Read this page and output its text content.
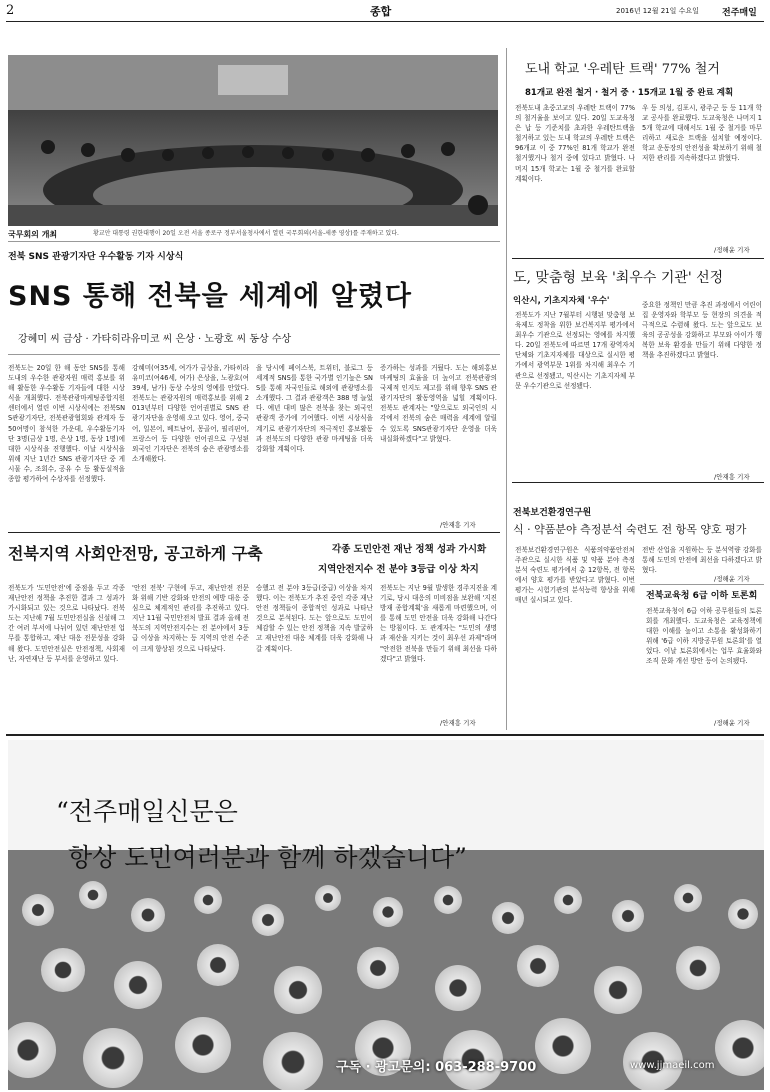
2	종합	2016년 12월 21일 수요일	전주매일
국무회의 개최	황교안 대통령 권한대행이 20일 오전 서울 종로구 정부서울청사에서 열린 국무회의(서울-세종 영상)를 주재하고 있다.
전북 SNS 관광기자단 우수활동 기자 시상식
SNS 통해 전북을 세계에 알렸다
강혜미 씨 금상 · 가타히라유미코 씨 은상 · 노광호 씨 동상 수상
전북도는 20일 한 해 동안 SNS를 통해 도내의 우수한 관광자원 매력 홍보를 위해 활동한 우수활동 기자들에 대한 시상식을 개최했다. 전북관광마케팅종합지원센터에서 열린 이번 시상식에는 전북SNS관광기자단, 전북관광협회와 관계자 등 50여명이 참석한 가운데, 우수활동기자단 3명(금상 1명, 은상 1명, 동상 1명)에 대한 시상식을 진행했다. 이날 시상식을 위해 지난 1년간 SNS 관광기자단 중 게시물 수, 조회수, 공유 수 등 활동실적을 종합 평가하여 수상자를 선정했다.
강혜미(여35세, 여가가 금상을, 가타히라유미코(여46세, 여가) 은상을, 노광호(여39세, 남가) 동상 수상의 영예를 안았다. 전북도는 관광자원의 매력홍보를 위해 2013년부터 다양한 언어권별로 SNS 관광기자단을 운영해 오고 있다. 영어, 중국어, 일본어, 베트남어, 몽골어, 필리핀어, 프랑스어 등 다양한 언어권으로 구성된 외국인 기자단은 전북의 숨은 관광명소를 소개해왔다.
을 당시에 페이스북, 트위터, 블로그 등 세계적 SNS를 통한 국가별 인기높은 SNS를 통해 자국인들로 해외에 관광명소를 소개했다. 그 결과 관광객은 388 명 늘었다. 예년 대비 많은 전북을 찾는 외국인 관광객 증가에 기여했다. 이번 시상식을 계기로 관광기자단의 적극적인 홍보활동과 전북도의 다양한 관광 마케팅을 더욱 강화할 계획이다.
증가하는 성과를 거뒀다. 도는 해외홍보마케팅의 효율을 더 높이고 전북관광의 국제적 인지도 제고를 위해 향후 SNS 관광기자단의 활동영역을 넓힐 계획이다. 전북도 관계자는 "앞으로도 외국인의 시각에서 전북의 숨은 매력을 세계에 알릴 수 있도록 SNS관광기자단 운영을 더욱 내실화하겠다"고 밝혔다.
/안재흥 기자
전북지역 사회안전망, 공고하게 구축	각종 도민안전 재난 정책 성과 가시화
지역안전지수 전 분야 3등급 이상 차지
전북도가 '도민안전'에 중점을 두고 각종 재난안전 정책을 추진한 결과 그 성과가 가시화되고 있는 것으로 나타났다. 전북도는 지난해 7월 도민안전실을 신설해 그간 여러 부서에 나뉘어 있던 재난안전 업무를 통합하고, 재난 대응 전문성을 강화해 왔다. 도민안전실은 안전정책, 사회재난, 자연재난 등 부서를 운영하고 있다.
'안전 전북' 구현에 두고, 재난안전 전문화 위해 기반 강화와 안전의 예방 대응 중심으로 체계적인 관리를 추진하고 있다. 지난 11월 국민안전처 발표 결과 올해 전북도의 지역안전지수는 전 분야에서 3등급 이상을 차지하는 등 지역의 안전 수준이 크게 향상된 것으로 나타났다.
승했고 전 분야 3등급(중급) 이상을 차지했다. 이는 전북도가 추진 중인 각종 재난 안전 정책들이 종합적인 성과로 나타난 것으로 분석된다. 도는 앞으로도 도민이 체감할 수 있는 안전 정책을 지속 발굴하고 재난안전 대응 체계를 더욱 강화해 나갈 계획이다.
전북도는 지난 9월 발생한 경주지진을 계기로, 당시 대응의 미비점을 보완해 '지진방재 종합계획'을 새롭게 마련했으며, 이를 통해 도민 안전을 더욱 강화해 나간다는 방침이다. 도 관계자는 "도민의 생명과 재산을 지키는 것이 최우선 과제"라며 "안전한 전북을 만들기 위해 최선을 다하겠다"고 밝혔다.
/안재흥 기자
도내 학교 '우레탄 트랙' 77% 철거
81개교 완전 철거 · 철거 중 · 15개교 1월 중 완료 계획
전북도내 초중고교의 우레탄 트랙이 77%의 철거율을 보이고 있다. 20일 도교육청은 납 등 기준치를 초과한 우레탄트랙을 철거하고 있는 도내 학교의 우레탄 트랙은 96개교 이 중 77%인 81개 학교가 완전 철거했거나 철거 중에 있다고 밝혔다. 나머지 15개 학교는 1월 중 철거를 완료할 계획이다.
우 등 의성, 김포시, 광주군 등 등 11개 학교 공사를 완료했다. 도교육청은 나머지 15개 학교에 대해서도 1월 중 철거를 마무리하고 새로운 트랙을 설치할 예정이다. 학교 운동장의 안전성을 확보하기 위해 철저한 관리를 지속하겠다고 밝혔다.
/정해윤 기자
도, 맞춤형 보육 '최우수 기관' 선정
익산시, 기초지자체 '우수'
전북도가 지난 7월부터 시행된 맞춤형 보육제도 정착을 위한 보건복지부 평가에서 최우수 기관으로 선정되는 영예를 차지했다. 20일 전북도에 따르면 17개 광역자치단체와 기초지자체를 대상으로 실시한 평가에서 광역부문 1위를 차지해 최우수 기관으로 선정됐고, 익산시는 기초지자체 부문 우수기관으로 선정됐다.
중요한 정책인 만큼 추진 과정에서 어린이집 운영자와 학부모 등 현장의 의견을 적극적으로 수렴해 왔다. 도는 앞으로도 보육의 공공성을 강화하고 부모와 아이가 행복한 보육 환경을 만들기 위해 다양한 정책을 추진하겠다고 밝혔다.
/안재흥 기자
전북보건환경연구원
식 · 약품분야 측정분석 숙련도 전 항목 양호 평가
전북보건환경연구원은 식품의약품안전처 주관으로 실시한 식품 및 약품 분야 측정분석 숙련도 평가에서 총 12항목, 전 항목에서 양호 평가를 받았다고 밝혔다. 이번 평가는 시험기관의 분석능력 향상을 위해 매년 실시되고 있다.
전반 산업을 지원하는 등 분석역량 강화를 통해 도민의 안전에 최선을 다하겠다고 밝혔다.
/정해윤 기자
전북교육청 6급 이하 토론회
전북교육청이 6급 이하 공무원들의 토론회를 개최했다. 도교육청은 교육정책에 대한 이해를 높이고 소통을 활성화하기 위해 '6급 이하 지방공무원 토론회'를 열었다. 이날 토론회에서는 업무 효율화와 조직 문화 개선 방안 등이 논의됐다.
/정해윤 기자
“전주매일신문은
항상 도민여러분과 함께 하겠습니다”
구독 · 광고문의: 063-288-9700	www.jjmaeil.com
